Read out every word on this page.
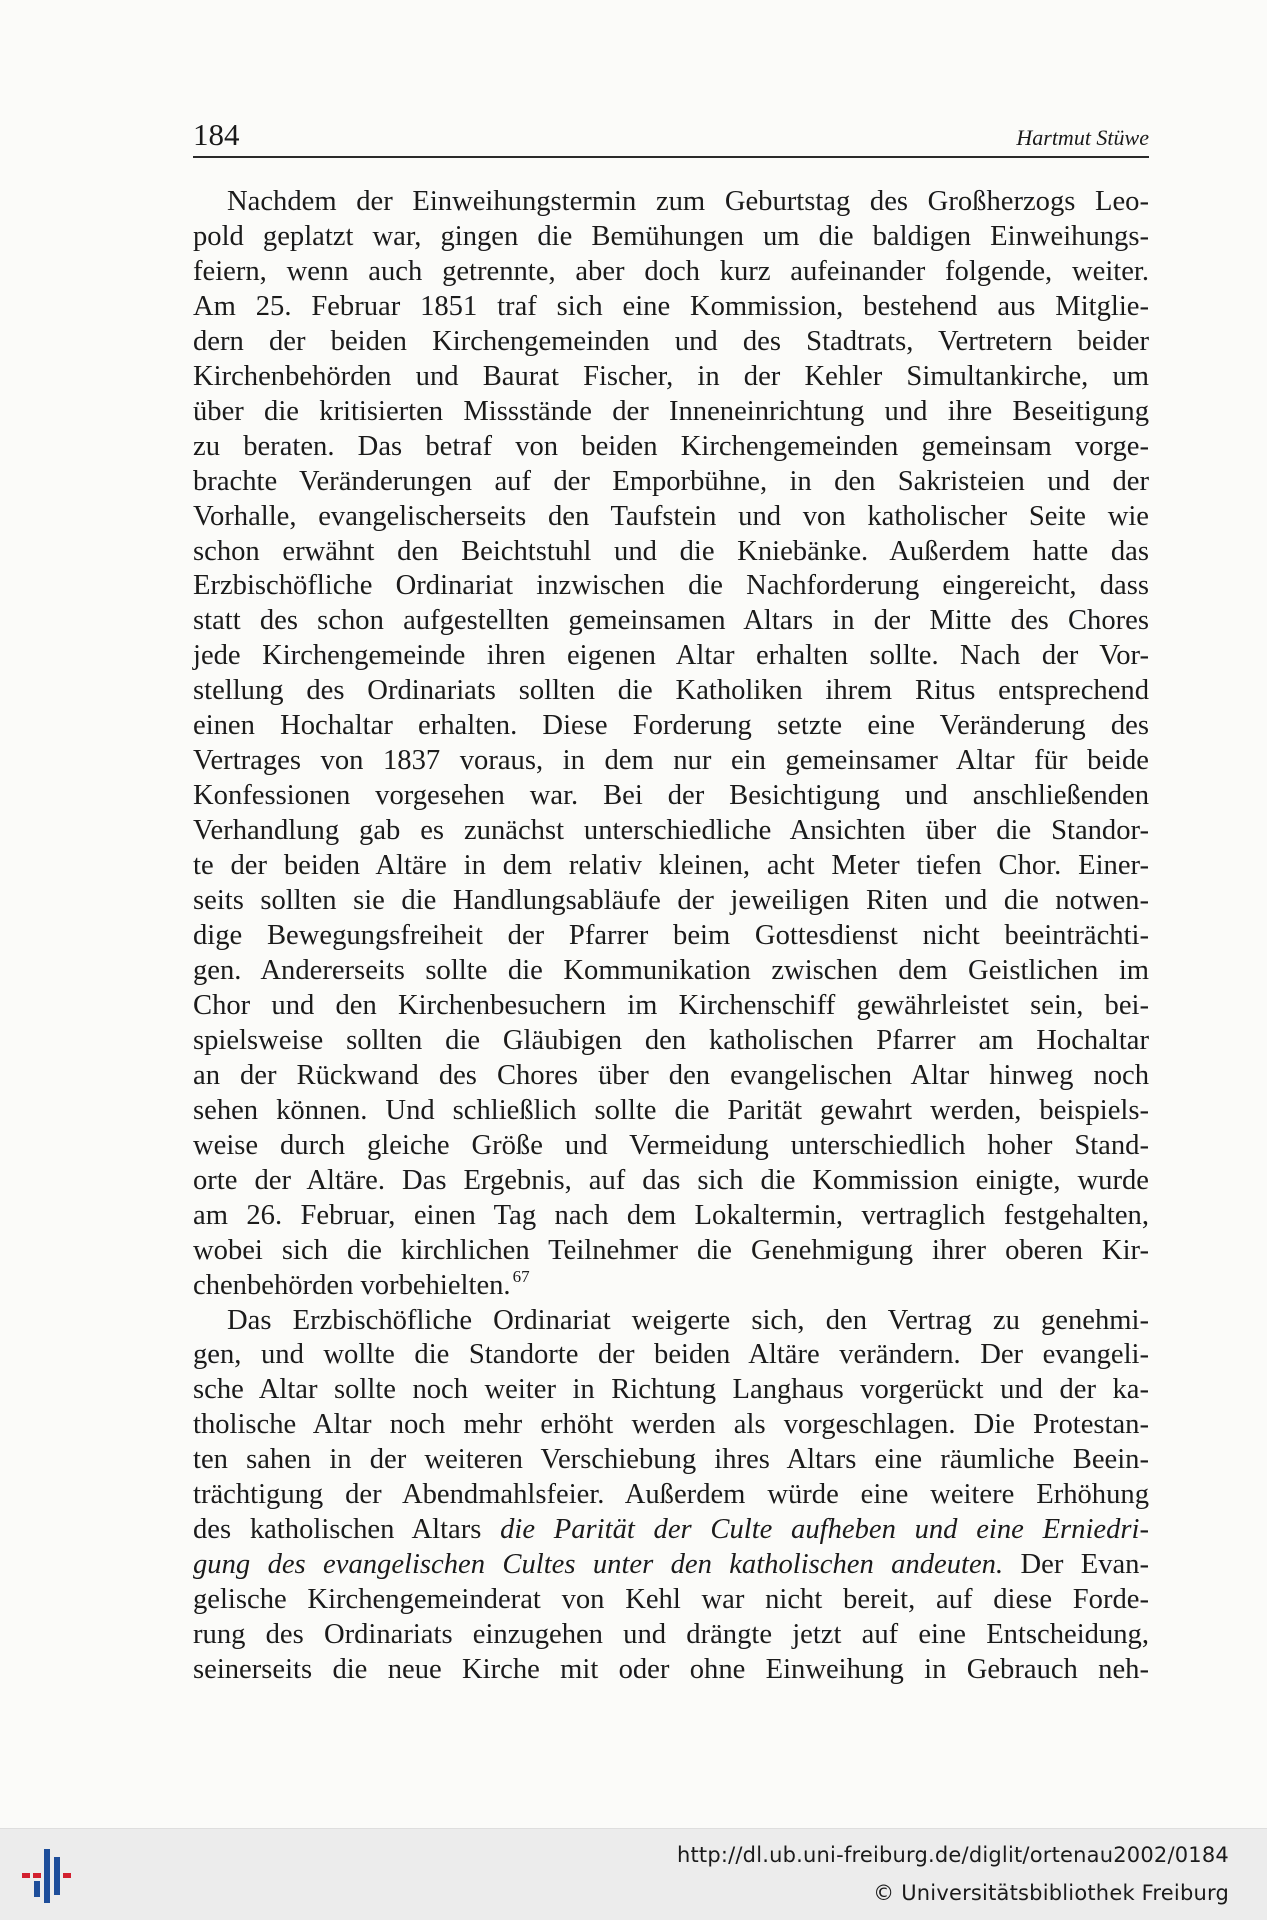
184	Hartmut Stüwe
Nachdem der Einweihungstermin zum Geburtstag des Großherzogs Leo-
pold geplatzt war, gingen die Bemühungen um die baldigen Einweihungs-
feiern, wenn auch getrennte, aber doch kurz aufeinander folgende, weiter.
Am 25. Februar 1851 traf sich eine Kommission, bestehend aus Mitglie-
dern der beiden Kirchengemeinden und des Stadtrats, Vertretern beider
Kirchenbehörden und Baurat Fischer, in der Kehler Simultankirche, um
über die kritisierten Missstände der Inneneinrichtung und ihre Beseitigung
zu beraten. Das betraf von beiden Kirchengemeinden gemeinsam vorge-
brachte Veränderungen auf der Emporbühne, in den Sakristeien und der
Vorhalle, evangelischerseits den Taufstein und von katholischer Seite wie
schon erwähnt den Beichtstuhl und die Kniebänke. Außerdem hatte das
Erzbischöfliche Ordinariat inzwischen die Nachforderung eingereicht, dass
statt des schon aufgestellten gemeinsamen Altars in der Mitte des Chores
jede Kirchengemeinde ihren eigenen Altar erhalten sollte. Nach der Vor-
stellung des Ordinariats sollten die Katholiken ihrem Ritus entsprechend
einen Hochaltar erhalten. Diese Forderung setzte eine Veränderung des
Vertrages von 1837 voraus, in dem nur ein gemeinsamer Altar für beide
Konfessionen vorgesehen war. Bei der Besichtigung und anschließenden
Verhandlung gab es zunächst unterschiedliche Ansichten über die Standor-
te der beiden Altäre in dem relativ kleinen, acht Meter tiefen Chor. Einer-
seits sollten sie die Handlungsabläufe der jeweiligen Riten und die notwen-
dige Bewegungsfreiheit der Pfarrer beim Gottesdienst nicht beeinträchti-
gen. Andererseits sollte die Kommunikation zwischen dem Geistlichen im
Chor und den Kirchenbesuchern im Kirchenschiff gewährleistet sein, bei-
spielsweise sollten die Gläubigen den katholischen Pfarrer am Hochaltar
an der Rückwand des Chores über den evangelischen Altar hinweg noch
sehen können. Und schließlich sollte die Parität gewahrt werden, beispiels-
weise durch gleiche Größe und Vermeidung unterschiedlich hoher Stand-
orte der Altäre. Das Ergebnis, auf das sich die Kommission einigte, wurde
am 26. Februar, einen Tag nach dem Lokaltermin, vertraglich festgehalten,
wobei sich die kirchlichen Teilnehmer die Genehmigung ihrer oberen Kir-
chenbehörden vorbehielten. $^{67}$
Das Erzbischöfliche Ordinariat weigerte sich, den Vertrag zu genehmi-
gen, und wollte die Standorte der beiden Altäre verändern. Der evangeli-
sche Altar sollte noch weiter in Richtung Langhaus vorgerückt und der ka-
tholische Altar noch mehr erhöht werden als vorgeschlagen. Die Protestan-
ten sahen in der weiteren Verschiebung ihres Altars eine räumliche Beein-
trächtigung der Abendmahlsfeier. Außerdem würde eine weitere Erhöhung
des katholischen Altars die Parität der Culte aufheben und eine Erniedri-
gung des evangelischen Cultes unter den katholischen andeuten. Der Evan-
gelische Kirchengemeinderat von Kehl war nicht bereit, auf diese Forde-
rung des Ordinariats einzugehen und drängte jetzt auf eine Entscheidung,
seinerseits die neue Kirche mit oder ohne Einweihung in Gebrauch neh-
http://dl.ub.uni-freiburg.de/diglit/ortenau2002/0184
© Universitätsbibliothek Freiburg
